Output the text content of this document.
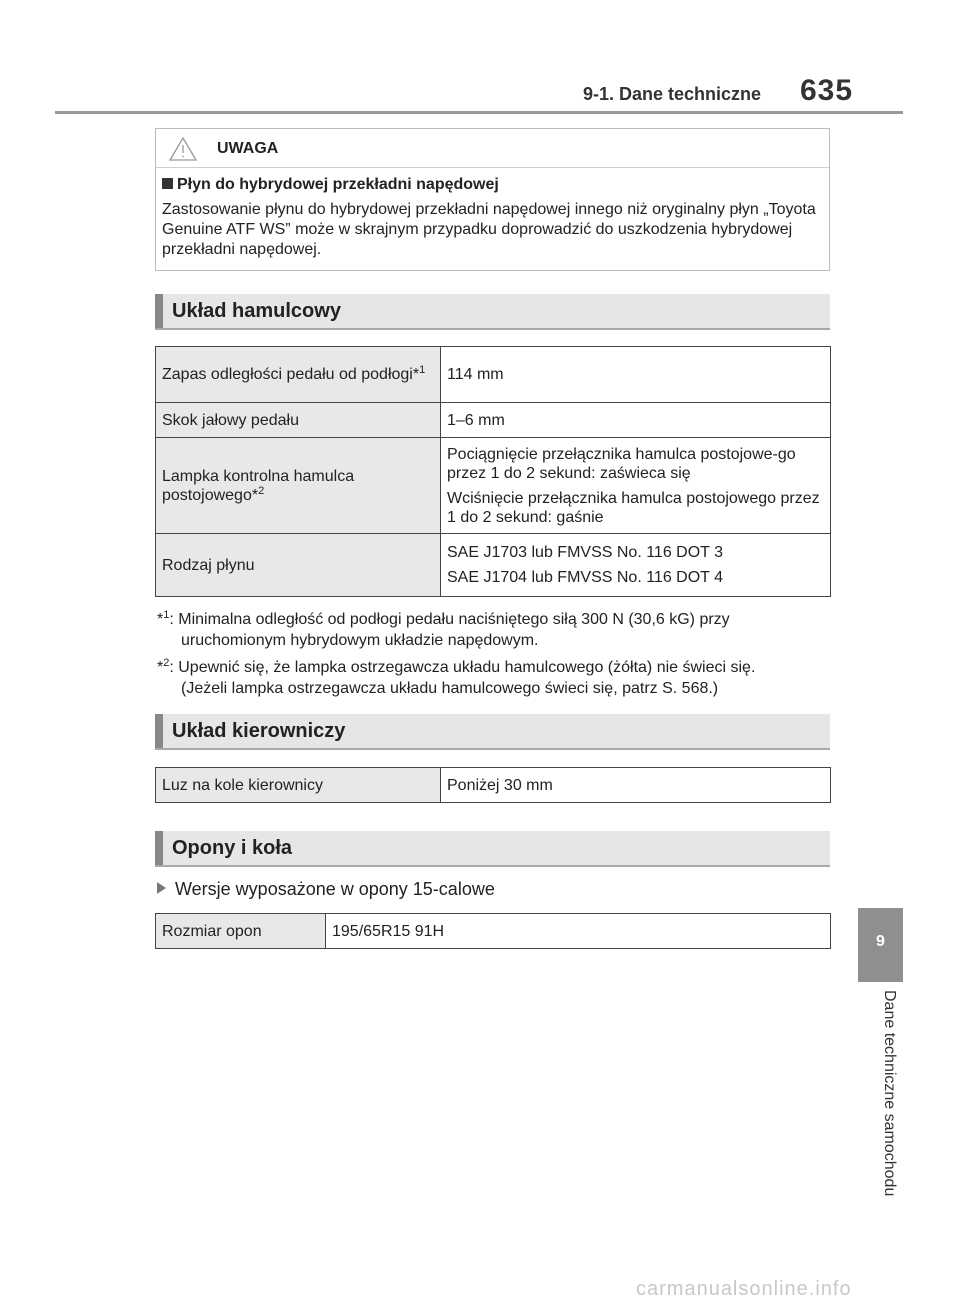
9-1. Dane techniczne 635
UWAGA
Płyn do hybrydowej przekładni napędowej
Zastosowanie płynu do hybrydowej przekładni napędowej innego niż oryginalny płyn „Toyota Genuine ATF WS” może w skrajnym przypadku doprowadzić do uszkodzenia hybrydowej przekładni napędowej.
Układ hamulcowy
Zapas odległości pedału od podłogi*$^1$	114 mm

Skok jałowy pedału	1–6 mm

Lampka kontrolna hamulca postojowego*$^2$	Pociągnięcie przełącznika hamulca postojowe-go przez 1 do 2 sekund: zaświeca się

Wciśnięcie przełącznika hamulca postojowego przez 1 do 2 sekund: gaśnie

Rodzaj płynu	SAE J1703 lub FMVSS No. 116 DOT 3

SAE J1704 lub FMVSS No. 116 DOT 4

*$^1$: Minimalna odległość od podłogi pedału naciśniętego siłą 300 N (30,6 kG) przy
uruchomionym hybrydowym układzie napędowym.
*$^2$: Upewnić się, że lampka ostrzegawcza układu hamulcowego (żółta) nie świeci się.
(Jeżeli lampka ostrzegawcza układu hamulcowego świeci się, patrz S. 568.)
Układ kierowniczy
Luz na kole kierownicy	Poniżej 30 mm
Opony i koła
Wersje wyposażone w opony 15-calowe
Rozmiar opon	195/65R15 91H
9
Dane techniczne samochodu
carmanualsonline.info
